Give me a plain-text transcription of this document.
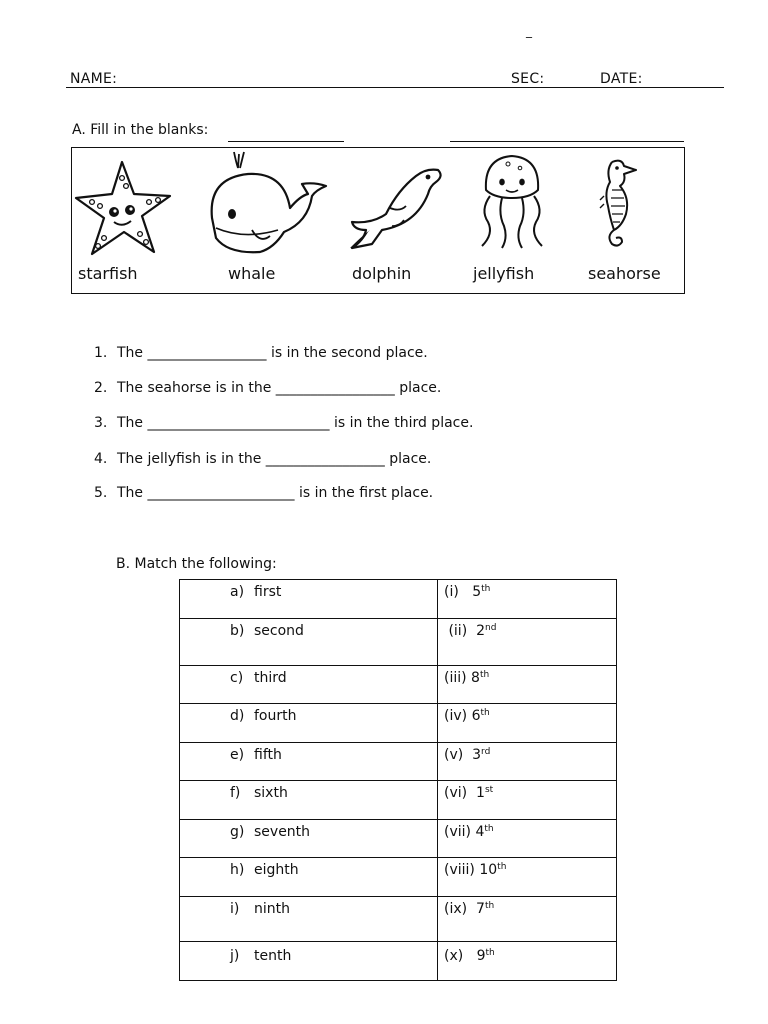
_
NAME:	SEC:	DATE:
A. Fill in the blanks:
starfish	whale	dolphin	jellyfish	seahorse
1. The _________________ is in the second place.
2. The seahorse is in the _________________ place.
3. The __________________________ is in the third place.
4. The jellyfish is in the _________________ place.
5. The _____________________ is in the first place.
B. Match the following:
a) first	(i) 5th
b) second	(ii) 2nd
c) third	(iii) 8th
d) fourth	(iv) 6th
e) fifth	(v) 3rd
f) sixth	(vi) 1st
g) seventh	(vii) 4th
h) eighth	(viii) 10th
i) ninth	(ix) 7th
j) tenth	(x) 9th
